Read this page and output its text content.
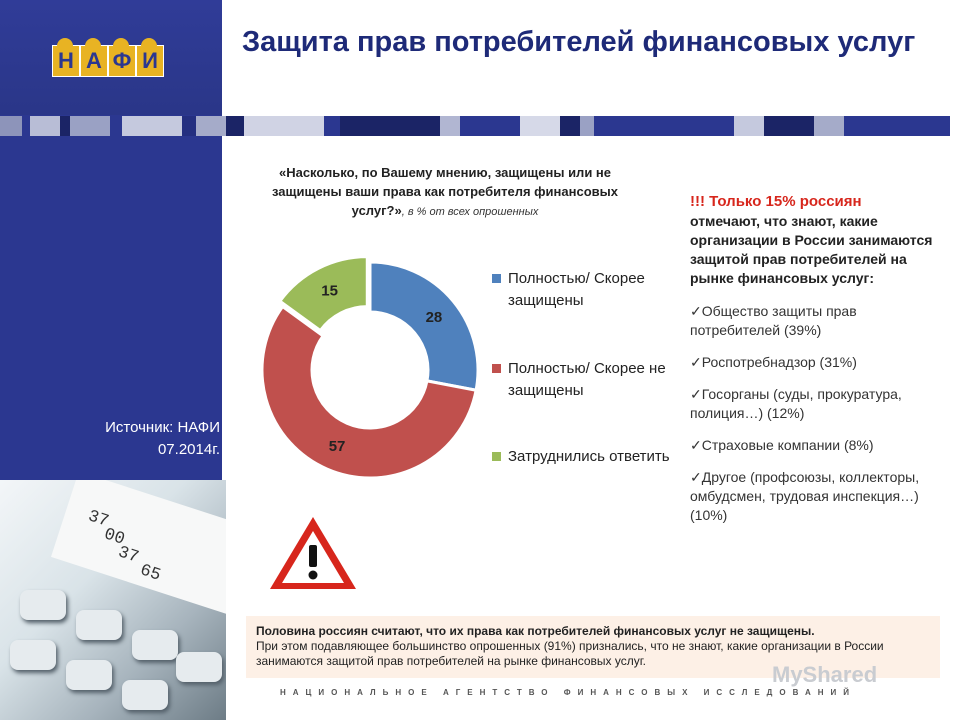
Н А Ф И
Защита прав потребителей финансовых услуг
Источник: НАФИ
07.2014г.
37
00
37
65
«Насколько, по Вашему мнению, защищены или не защищены ваши права как потребителя финансовых услуг?», в % от всех опрошенных
28
57
15
Полностью/ Скорее защищены
Полностью/ Скорее не защищены
Затруднились ответить
!!! Только 15% россиян
отмечают, что знают, какие организации в России занимаются защитой прав потребителей на рынке финансовых услуг:
✓Общество защиты прав потребителей (39%)
✓Роспотребнадзор (31%)
✓Госорганы (суды, прокуратура, полиция…) (12%)
✓Страховые компании (8%)
✓Другое (профсоюзы, коллекторы, омбудсмен, трудовая инспекция…) (10%)
Половина россиян считают, что их права как потребителей финансовых услуг не защищены.
При этом подавляющее большинство опрошенных (91%) признались, что не знают, какие организации в России занимаются защитой прав потребителей на рынке финансовых услуг.
MyShared
НАЦИОНАЛЬНОЕ АГЕНТСТВО ФИНАНСОВЫХ ИССЛЕДОВАНИЙ
